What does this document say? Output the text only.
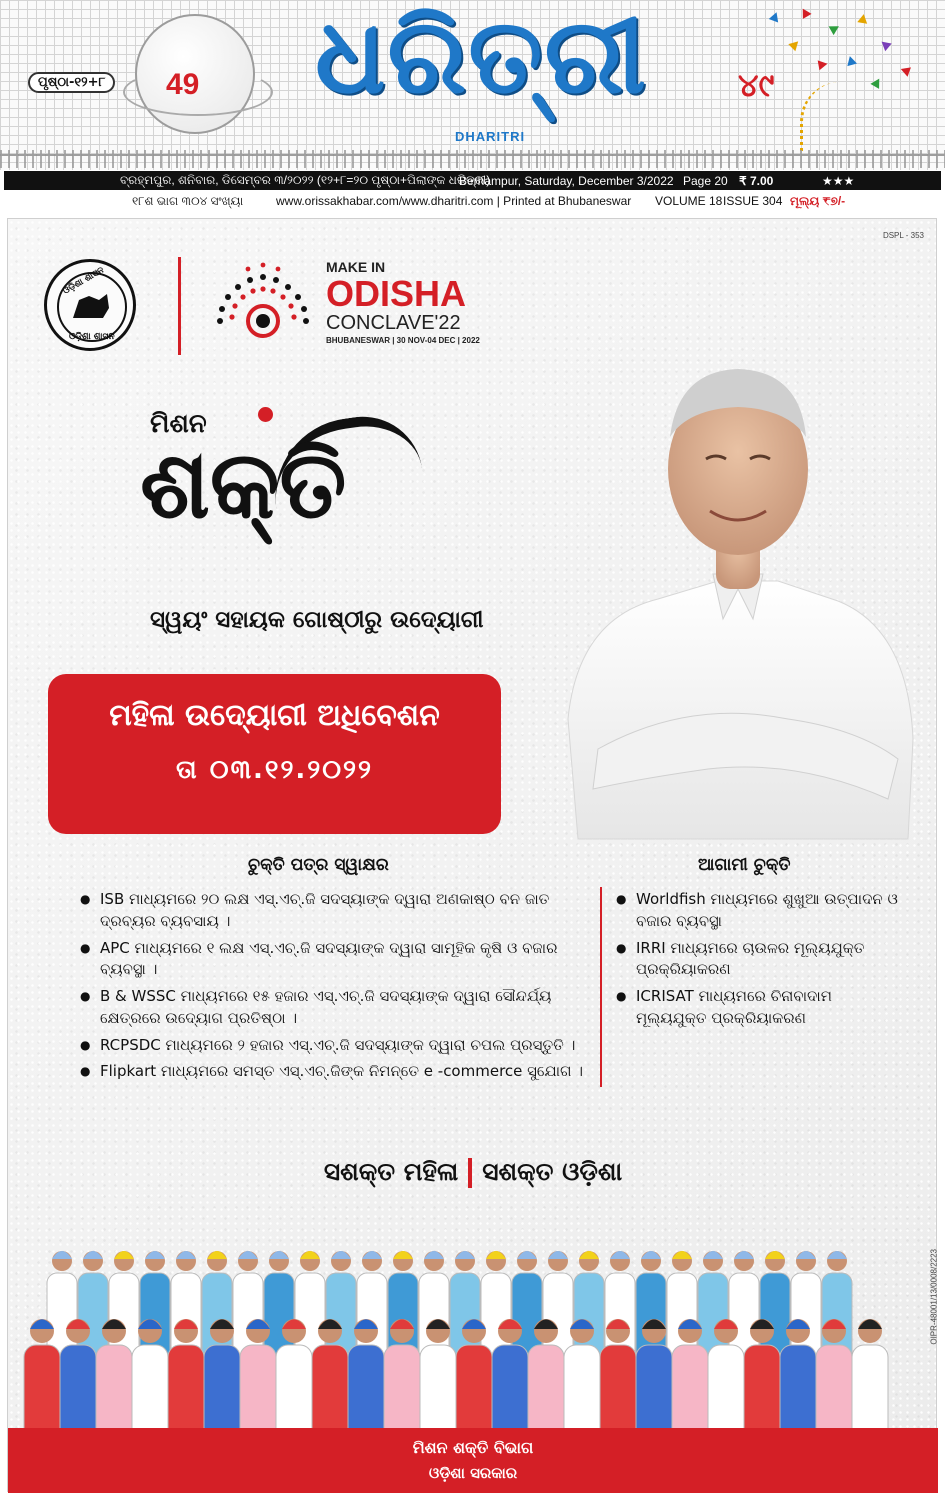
ପୃଷ୍ଠା-୧୨+୮	49 ଧରିତ୍ରୀ
DHARITRI
୪୯
ବ୍ରହ୍ମପୁର, ଶନିବାର, ଡିସେମ୍ବର ୩/୨୦୨୨ (୧୨+୮=୨୦ ପୃଷ୍ଠା+ପିଲାଙ୍କ ଧରିତ୍ରୀ)
Berhampur, Saturday, December 3/2022 Page 20 ₹ 7.00	★★★
୧୮ଶ ଭାଗ ୩୦୪ ସଂଖ୍ୟା	www.orissakhabar.com/www.dharitri.com | Printed at Bhubaneswar VOLUME 18 ISSUE 304 ମୂଲ୍ୟ ₹୭/-
DSPL - 353
ଓଡ଼ିଶା ଶାସନ
ଓଡ଼ିଶା ଶାସନ
MAKE IN
ODISHA
CONCLAVE'22
BHUBANESWAR | 30 NOV-04 DEC | 2022
ମିଶନ
ଶକ୍ତି
ସ୍ୱୟଂ ସହାୟକ ଗୋଷ୍ଠୀରୁ ଉଦ୍ୟୋଗୀ
ମହିଳା ଉଦ୍ୟୋଗୀ ଅଧିବେଶନ
ତା ୦୩.୧୨.୨୦୨୨
ଚୁକ୍ତି ପତ୍ର ସ୍ୱାକ୍ଷର
● ISB ମାଧ୍ୟମରେ ୨୦ ଲକ୍ଷ ଏସ୍.ଏଚ୍.ଜି ସଦସ୍ୟାଙ୍କ ଦ୍ୱାରା ଅଣକାଷ୍ଠ ବନ ଜାତ ଦ୍ରବ୍ୟର ବ୍ୟବସାୟ ।
● APC ମାଧ୍ୟମରେ ୧ ଲକ୍ଷ ଏସ୍.ଏଚ୍.ଜି ସଦସ୍ୟାଙ୍କ ଦ୍ୱାରା ସାମୂହିକ କୃଷି ଓ ବଜାର ବ୍ୟବସ୍ଥା ।
● B & WSSC ମାଧ୍ୟମରେ ୧୫ ହଜାର ଏସ୍.ଏଚ୍.ଜି ସଦସ୍ୟାଙ୍କ ଦ୍ୱାରା ସୌନ୍ଦର୍ଯ୍ୟ କ୍ଷେତ୍ରରେ ଉଦ୍ୟୋଗ ପ୍ରତିଷ୍ଠା ।
● RCPSDC ମାଧ୍ୟମରେ ୨ ହଜାର ଏସ୍.ଏଚ୍.ଜି ସଦସ୍ୟାଙ୍କ ଦ୍ୱାରା ଚପଲ ପ୍ରସ୍ତୁତି ।
● Flipkart ମାଧ୍ୟମରେ ସମସ୍ତ ଏସ୍.ଏଚ୍.ଜିଙ୍କ ନିମନ୍ତେ e -commerce ସୁଯୋଗ ।
ଆଗାମୀ ଚୁକ୍ତି
● Worldfish ମାଧ୍ୟମରେ ଶୁଖୁଆ ଉତ୍ପାଦନ ଓ ବଜାର ବ୍ୟବସ୍ଥା
● IRRI ମାଧ୍ୟମରେ ଚାଉଳର ମୂଲ୍ୟଯୁକ୍ତ ପ୍ରକ୍ରିୟାକରଣ
● ICRISAT ମାଧ୍ୟମରେ ଚିନାବାଦାମ ମୂଲ୍ୟଯୁକ୍ତ ପ୍ରକ୍ରିୟାକରଣ
ସଶକ୍ତ ମହିଳା ସଶକ୍ତ ଓଡ଼ିଶା
OIPR-48001/13/0008/2223
ମିଶନ ଶକ୍ତି ବିଭାଗ
ଓଡ଼ିଶା ସରକାର
